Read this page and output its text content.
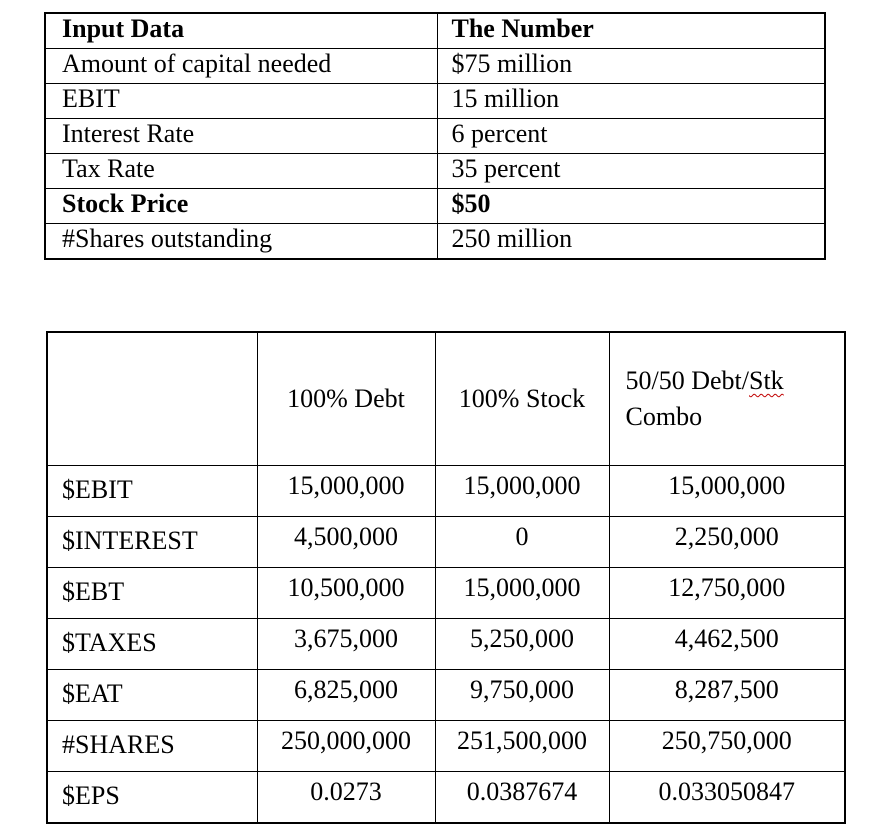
Input Data	The Number
Amount of capital needed	$75 million
EBIT	15 million
Interest Rate	6 percent
Tax Rate	35 percent
Stock Price	$50
#Shares outstanding	250 million
	100% Debt	100% Stock	50/50 Debt/Stk
Combo
$EBIT	15,000,000	15,000,000	15,000,000
$INTEREST	4,500,000	0	2,250,000
$EBT	10,500,000	15,000,000	12,750,000
$TAXES	3,675,000	5,250,000	4,462,500
$EAT	6,825,000	9,750,000	8,287,500
#SHARES	250,000,000	251,500,000	250,750,000
$EPS	0.0273	0.0387674	0.033050847
